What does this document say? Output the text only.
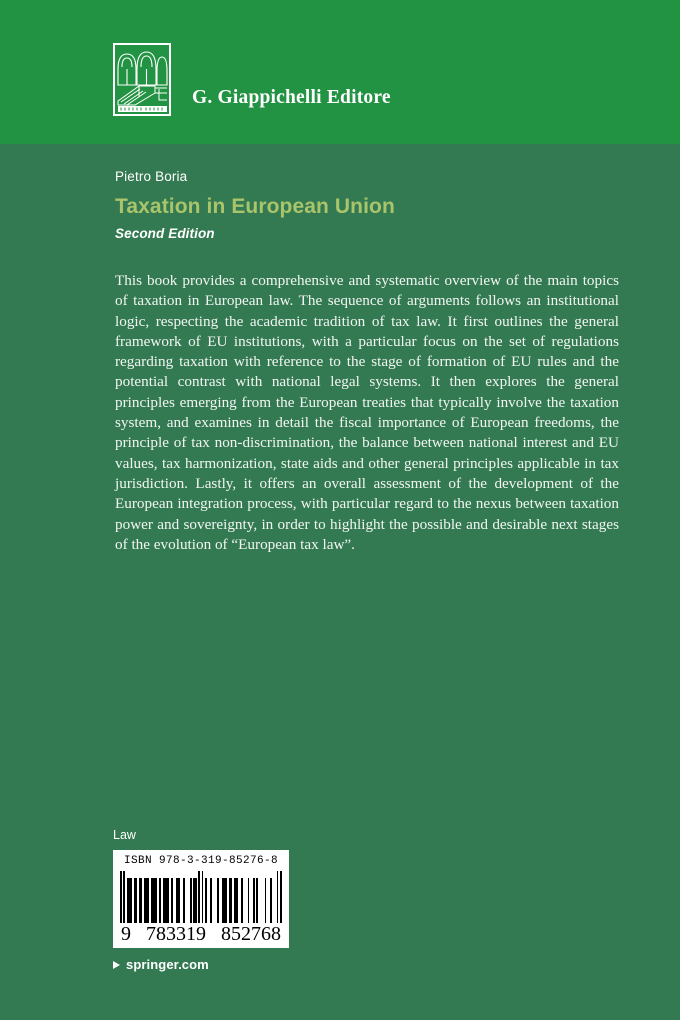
G. Giappichelli Editore

Pietro Boria

Taxation in European Union

Second Edition

This book provides a comprehensive and systematic overview of the main topics of taxation in European law. The sequence of arguments follows an institutional logic, respecting the academic tradition of tax law. It first outlines the general framework of EU institutions, with a particular focus on the set of regulations regarding taxation with reference to the stage of formation of EU rules and the potential contrast with national legal systems. It then explores the general principles emerging from the European treaties that typically involve the taxation system, and examines in detail the fiscal importance of European freedoms, the principle of tax non-discrimination, the balance between national interest and EU values, tax harmonization, state aids and other general principles applicable in tax jurisdiction. Lastly, it offers an overall assessment of the development of the European integration process, with particular regard to the nexus between taxation power and sovereignty, in order to highlight the possible and desirable next stages of the evolution of “European tax law”.

Law

ISBN 978-3-319-85276-8
9 783319 852768
springer.com
